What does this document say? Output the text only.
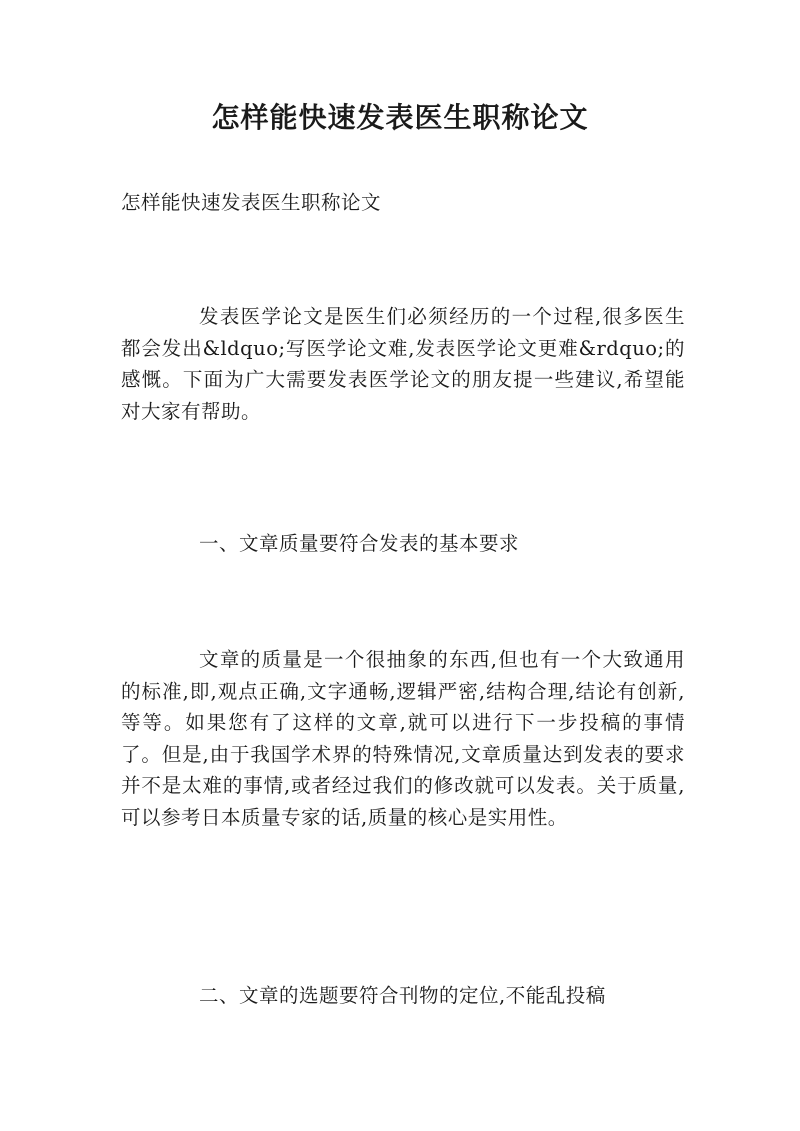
怎样能快速发表医生职称论文
怎样能快速发表医生职称论文
发表医学论文是医生们必须经历的一个过程,很多医生都会发出&ldquo;写医学论文难,发表医学论文更难&rdquo;的感慨。下面为广大需要发表医学论文的朋友提一些建议,希望能对大家有帮助。
一、文章质量要符合发表的基本要求
文章的质量是一个很抽象的东西,但也有一个大致通用的标准,即,观点正确,文字通畅,逻辑严密,结构合理,结论有创新,等等。如果您有了这样的文章,就可以进行下一步投稿的事情了。但是,由于我国学术界的特殊情况,文章质量达到发表的要求并不是太难的事情,或者经过我们的修改就可以发表。关于质量,可以参考日本质量专家的话,质量的核心是实用性。
二、文章的选题要符合刊物的定位,不能乱投稿
